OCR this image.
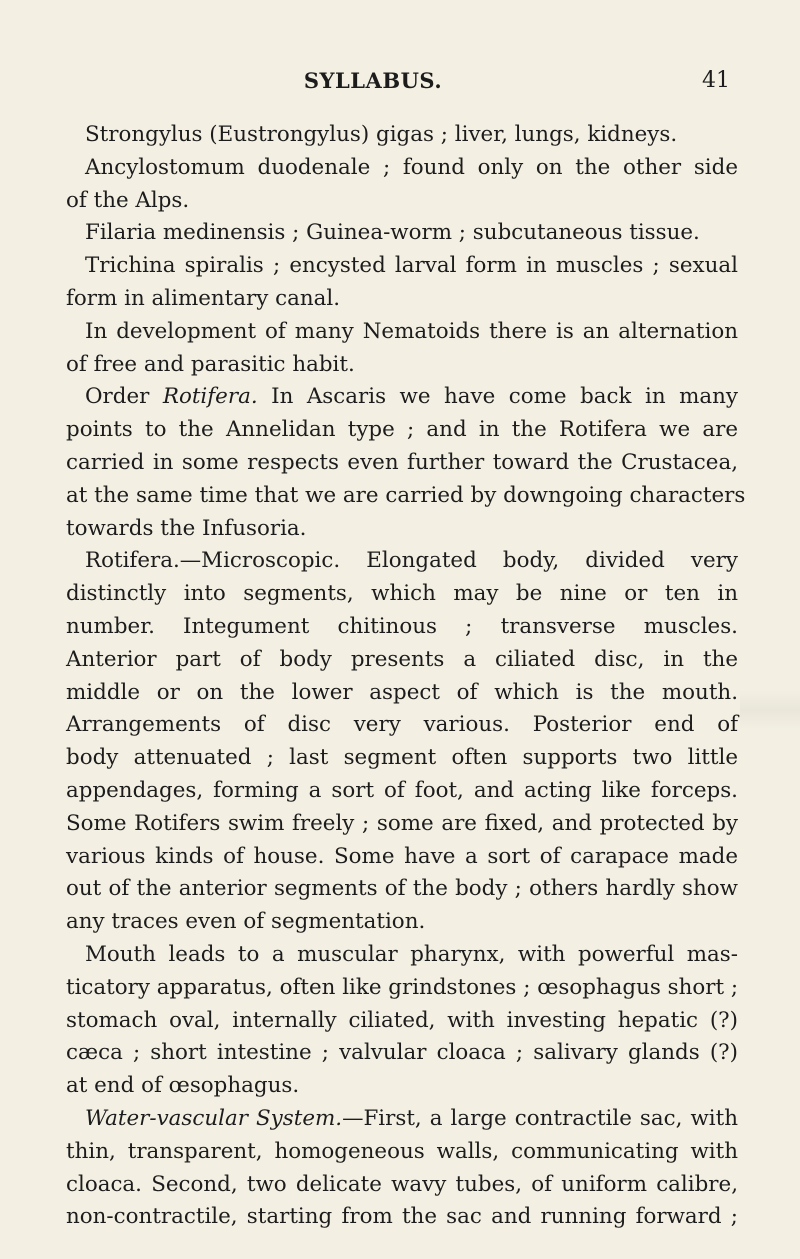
SYLLABUS.	41
Strongylus (Eustrongylus) gigas ; liver, lungs, kidneys.
Ancylostomum duodenale ; found only on the other side
of the Alps.
Filaria medinensis ; Guinea-worm ; subcutaneous tissue.
Trichina spiralis ; encysted larval form in muscles ; sexual
form in alimentary canal.
In development of many Nematoids there is an alternation
of free and parasitic habit.
Order Rotifera. In Ascaris we have come back in many
points to the Annelidan type ; and in the Rotifera we are
carried in some respects even further toward the Crustacea,
at the same time that we are carried by downgoing characters
towards the Infusoria.
Rotifera.—Microscopic. Elongated body, divided very
distinctly into segments, which may be nine or ten in
number. Integument chitinous ; transverse muscles.
Anterior part of body presents a ciliated disc, in the
middle or on the lower aspect of which is the mouth.
Arrangements of disc very various. Posterior end of
body attenuated ; last segment often supports two little
appendages, forming a sort of foot, and acting like forceps.
Some Rotifers swim freely ; some are fixed, and protected by
various kinds of house. Some have a sort of carapace made
out of the anterior segments of the body ; others hardly show
any traces even of segmentation.
Mouth leads to a muscular pharynx, with powerful mas-
ticatory apparatus, often like grindstones ; œsophagus short ;
stomach oval, internally ciliated, with investing hepatic (?)
cæca ; short intestine ; valvular cloaca ; salivary glands (?)
at end of œsophagus.
Water-vascular System.—First, a large contractile sac, with
thin, transparent, homogeneous walls, communicating with
cloaca. Second, two delicate wavy tubes, of uniform calibre,
non-contractile, starting from the sac and running forward ;
